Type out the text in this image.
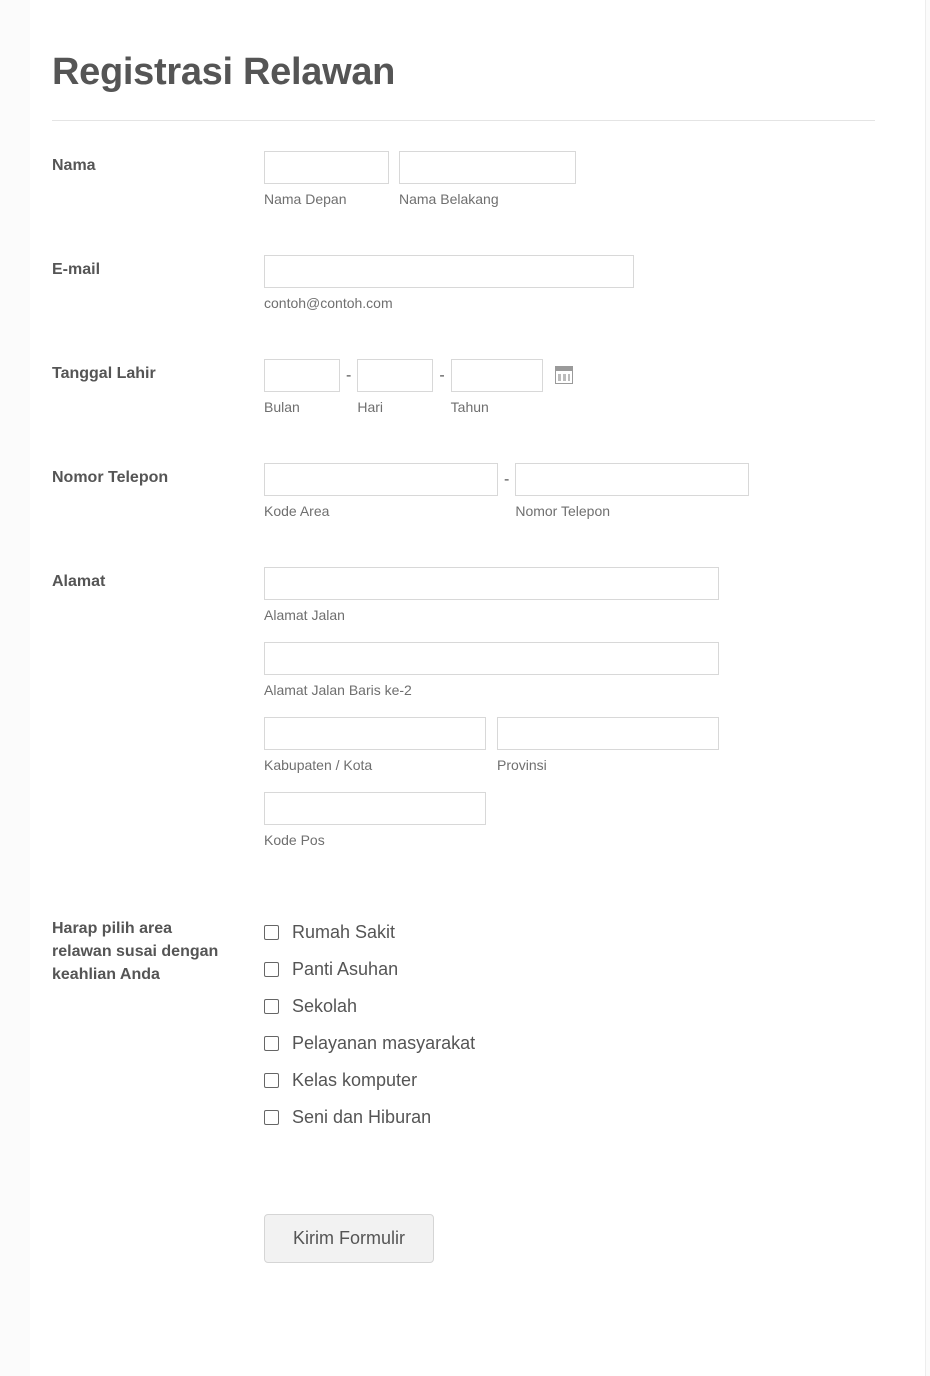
Registrasi Relawan
Nama
Nama Depan	Nama Belakang
E-mail
contoh@contoh.com
Tanggal Lahir
Bulan
-
Hari
-
Tahun
Nomor Telepon
Kode Area
-
Nomor Telepon
Alamat
Alamat Jalan
Alamat Jalan Baris ke-2
Kabupaten / Kota	Provinsi
Kode Pos
Harap pilih area relawan susai dengan keahlian Anda
Rumah Sakit
Panti Asuhan
Sekolah
Pelayanan masyarakat
Kelas komputer
Seni dan Hiburan
Kirim Formulir
